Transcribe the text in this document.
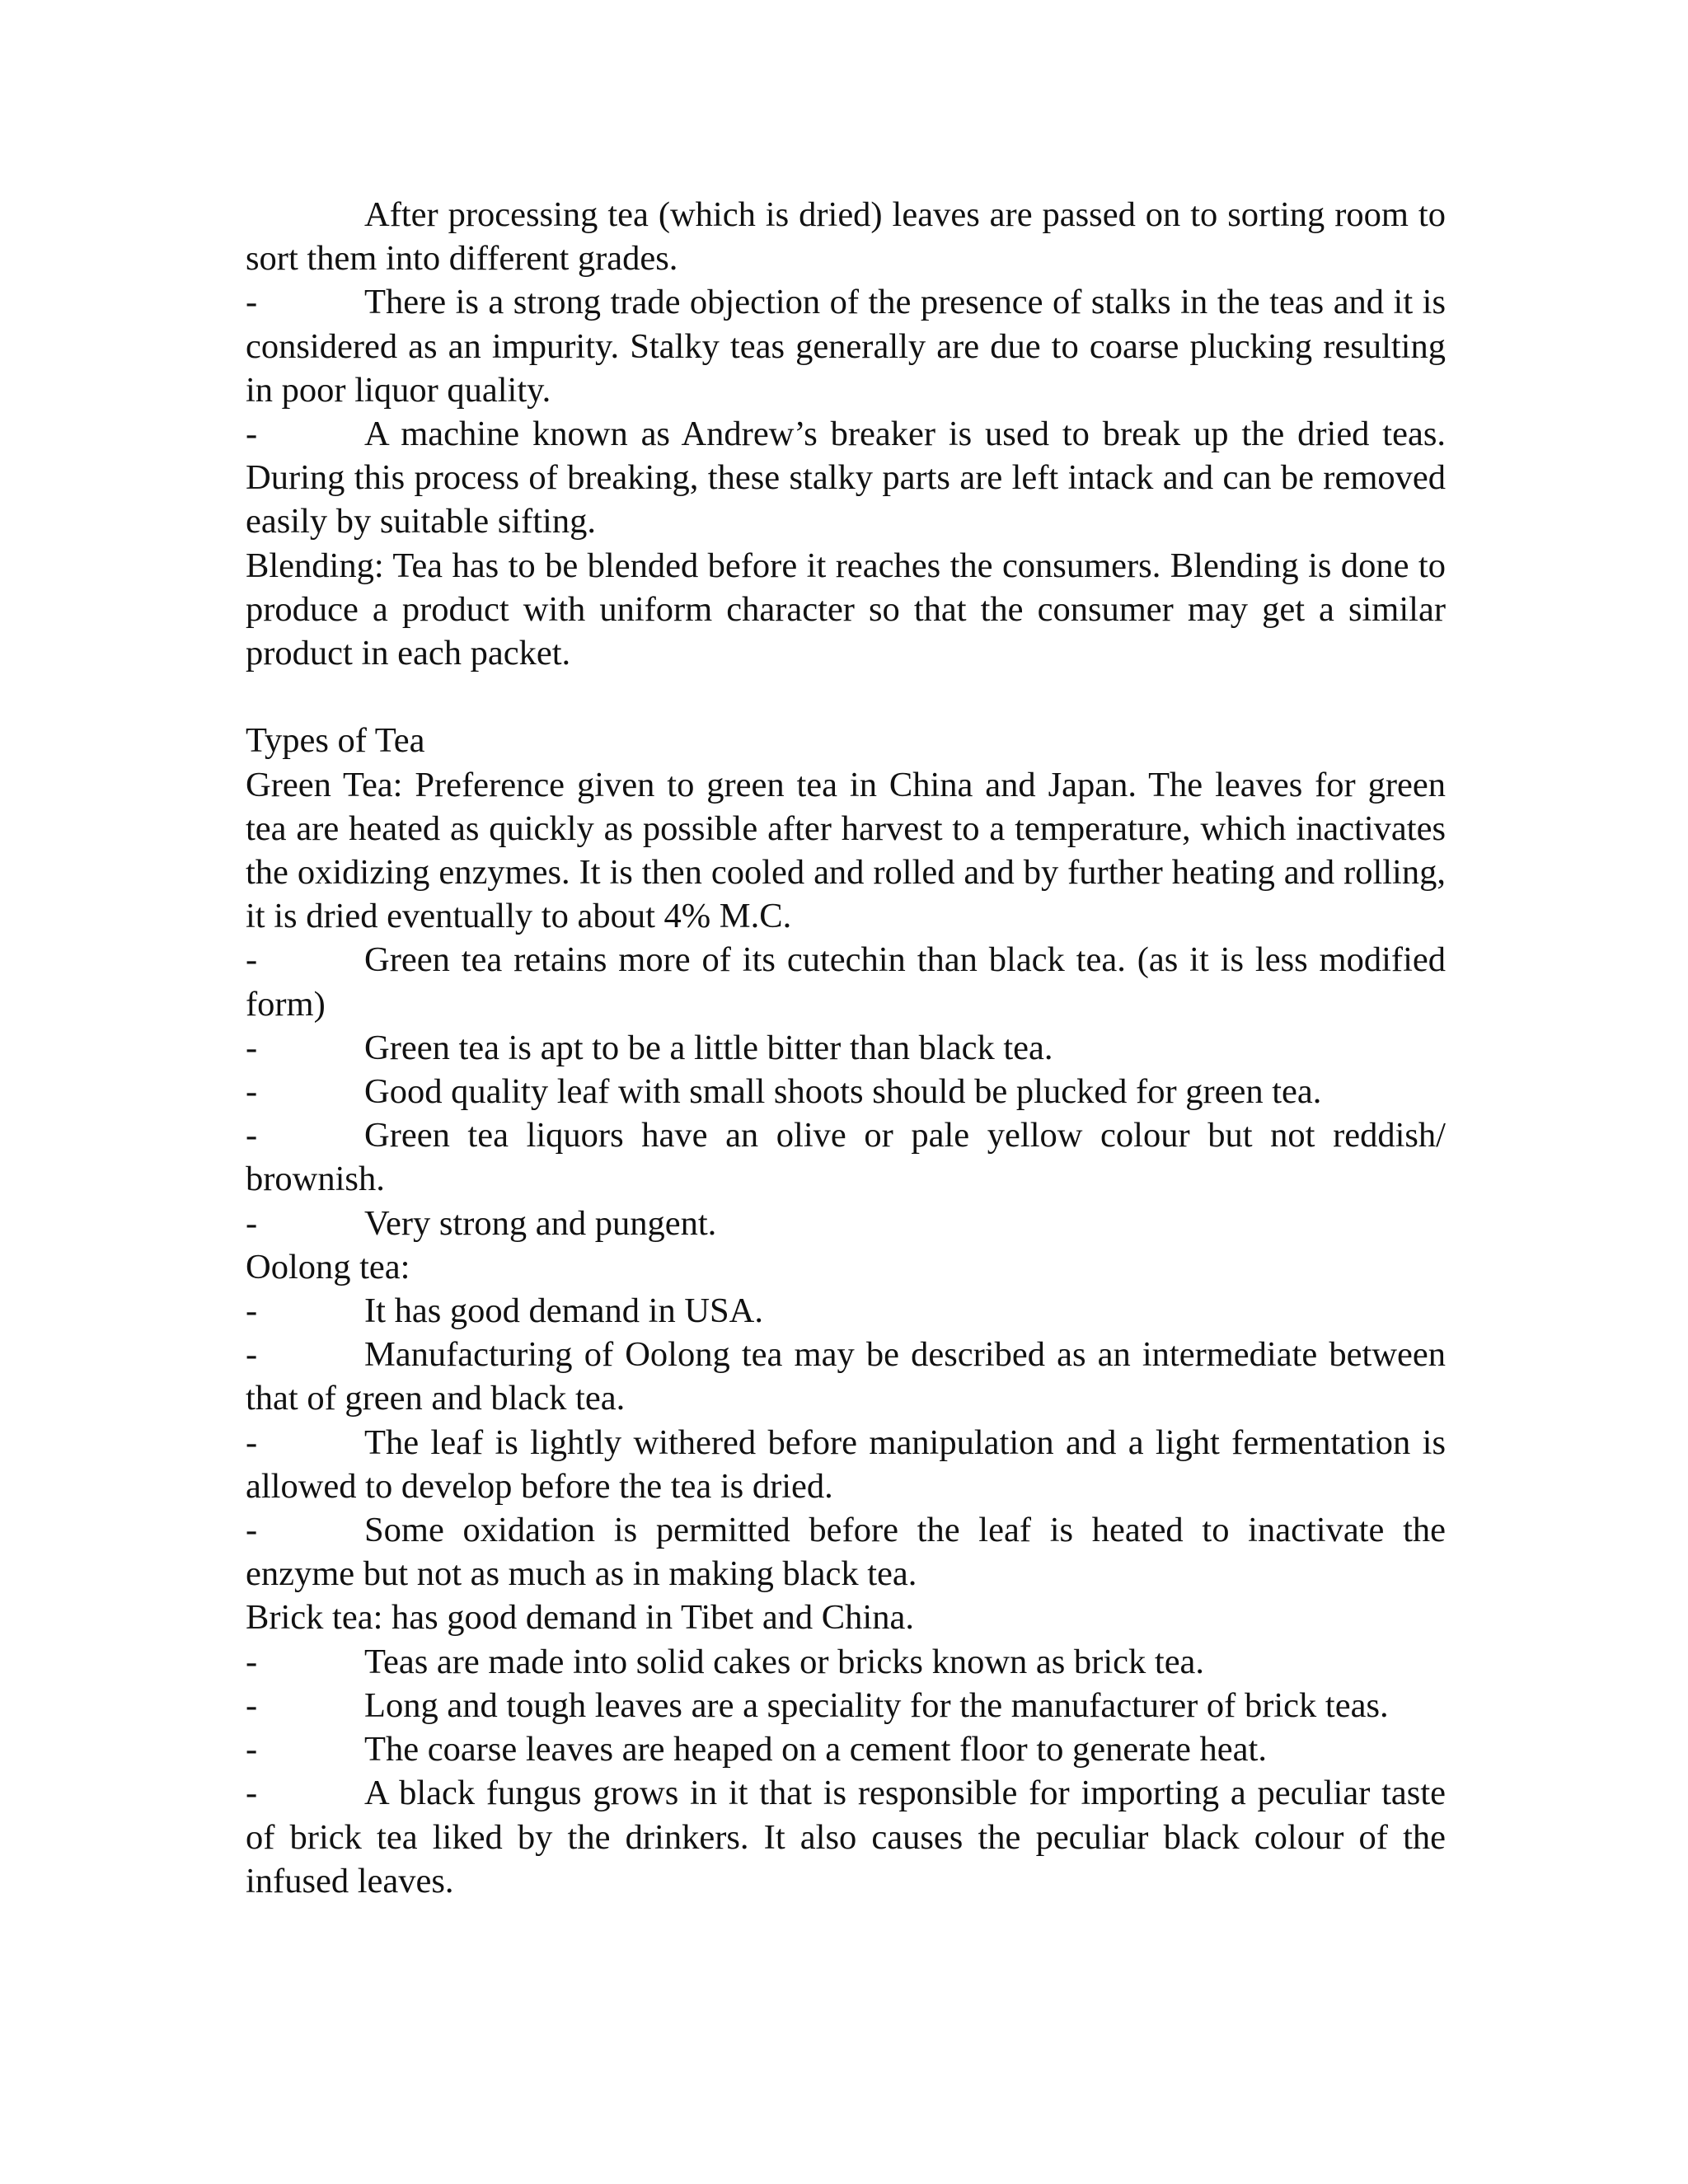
After processing tea (which is dried) leaves are passed on to sorting room to sort them into different grades.

-	There is a strong trade objection of the presence of stalks in the teas and it is considered as an impurity. Stalky teas generally are due to coarse plucking resulting in poor liquor quality.
-	A machine known as Andrew’s breaker is used to break up the dried teas. During this process of breaking, these stalky parts are left intack and can be removed easily by suitable sifting.

Blending: Tea has to be blended before it reaches the consumers. Blending is done to produce a product with uniform character so that the consumer may get a similar product in each packet.

Types of Tea

Green Tea: Preference given to green tea in China and Japan. The leaves for green tea are heated as quickly as possible after harvest to a temperature, which inactivates the oxidizing enzymes. It is then cooled and rolled and by further heating and rolling, it is dried eventually to about 4% M.C.

-	Green tea retains more of its cutechin than black tea. (as it is less modified form)
-	Green tea is apt to be a little bitter than black tea.
-	Good quality leaf with small shoots should be plucked for green tea.
-	Green tea liquors have an olive or pale yellow colour but not reddish/ brownish.
-	Very strong and pungent.
Oolong tea:
-	It has good demand in USA.
-	Manufacturing of Oolong tea may be described as an intermediate between that of green and black tea.
-	The leaf is lightly withered before manipulation and a light fermentation is allowed to develop before the tea is dried.
-	Some oxidation is permitted before the leaf is heated to inactivate the enzyme but not as much as in making black tea.
Brick tea: has good demand in Tibet and China.
-	Teas are made into solid cakes or bricks known as brick tea.
-	Long and tough leaves are a speciality for the manufacturer of brick teas.
-	The coarse leaves are heaped on a cement floor to generate heat.
-	A black fungus grows in it that is responsible for importing a peculiar taste of brick tea liked by the drinkers. It also causes the peculiar black colour of the infused leaves.
